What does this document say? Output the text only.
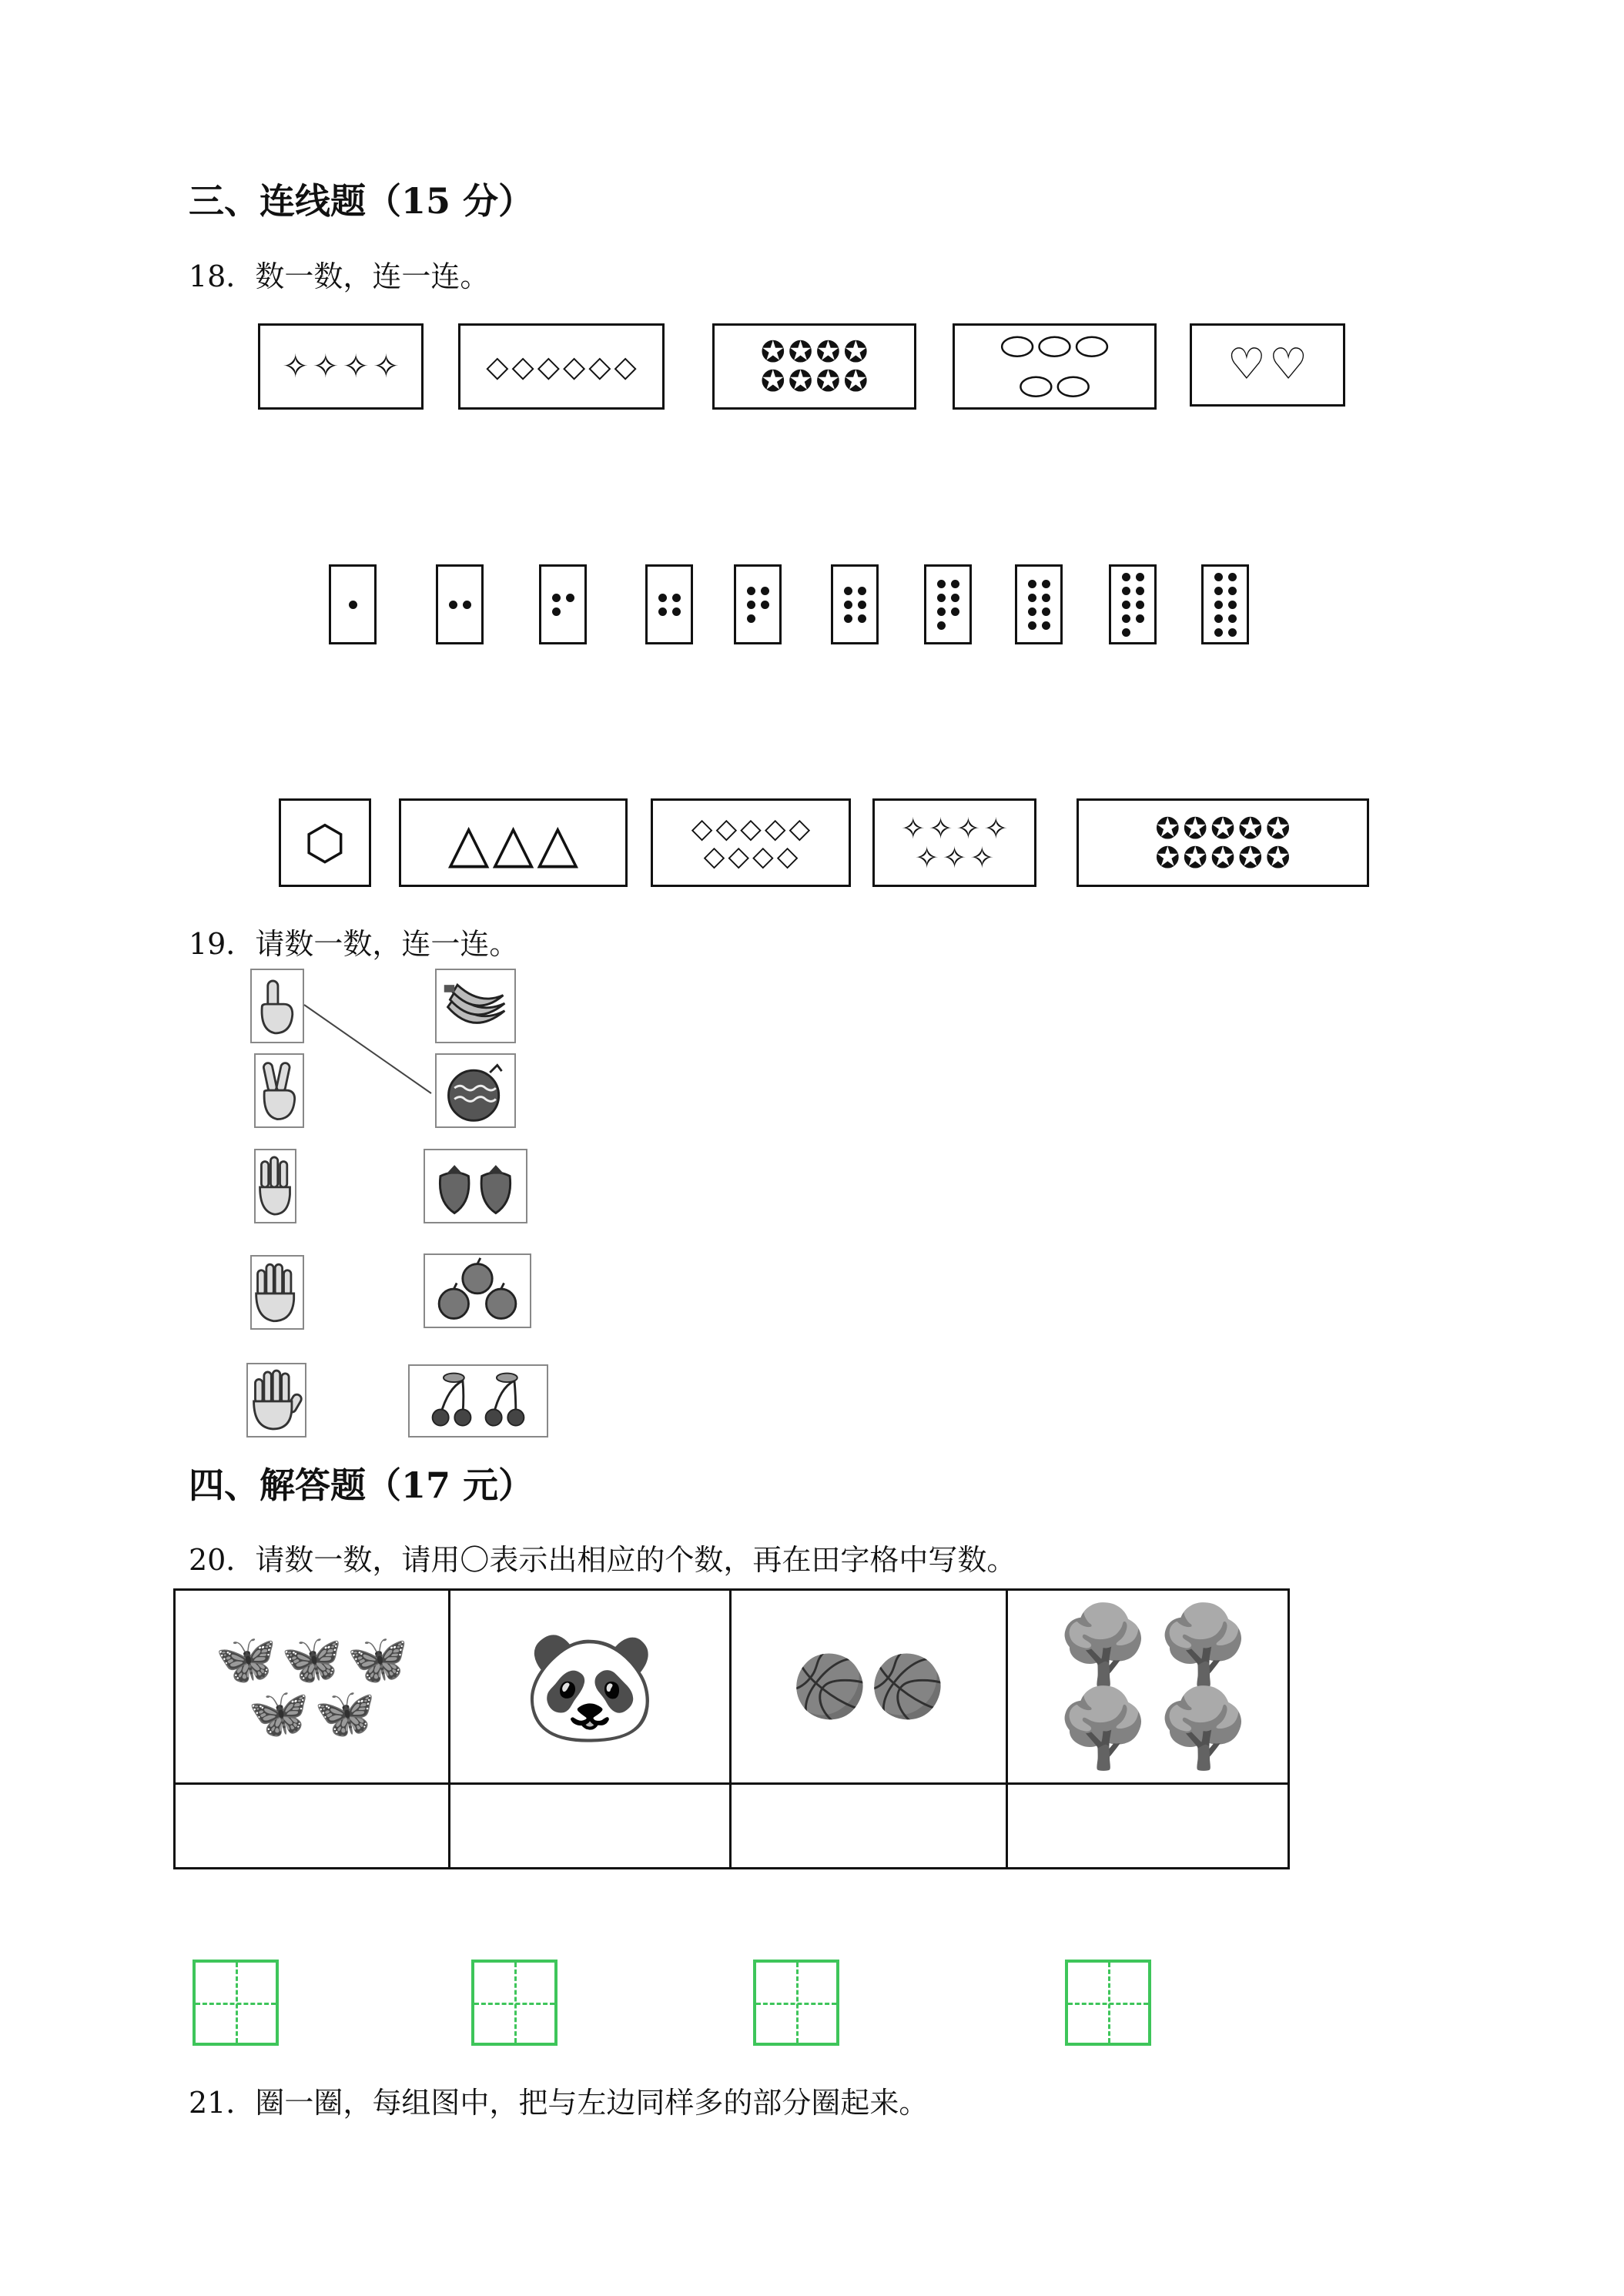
三、连线题（15 分）
18．数一数，连一连。
✧ ✧ ✧ ✧	◇ ◇ ◇ ◇ ◇ ◇	✪ ✪ ✪ ✪
✪ ✪ ✪ ✪
⬭ ⬭ ⬭
⬭ ⬭	♡ ♡
⬡ △ △ △	◇ ◇ ◇ ◇ ◇
◇ ◇ ◇ ◇
✧ ✧ ✧ ✧
✧ ✧ ✧
✪ ✪ ✪ ✪ ✪
✪ ✪ ✪ ✪ ✪
19．请数一数，连一连。
四、解答题（17 元）
20．请数一数，请用〇表示出相应的个数，再在田字格中写数。
🦋 🦋 🦋
🦋 🦋	🐼	🏀 🏀	🌳 🌳
🌳 🌳

21．圈一圈，每组图中，把与左边同样多的部分圈起来。
